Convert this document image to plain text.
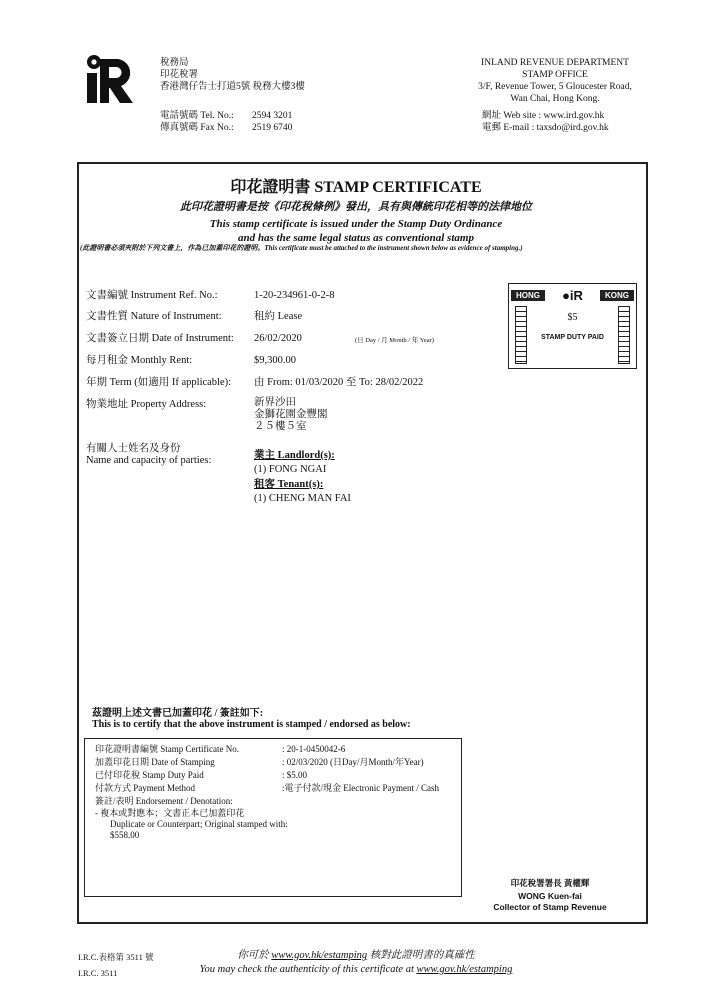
稅務局
印花稅署
香港灣仔告士打道5號 稅務大樓3樓
電話號碼 Tel. No.: 2594 3201
傳真號碼 Fax No.: 2519 6740
INLAND REVENUE DEPARTMENT
STAMP OFFICE
3/F, Revenue Tower, 5 Gloucester Road,
Wan Chai, Hong Kong.
網址 Web site : www.ird.gov.hk
電郵 E-mail : taxsdo@ird.gov.hk
印花證明書 STAMP CERTIFICATE
此印花證明書是按《印花稅條例》發出，具有與傳統印花相等的法律地位
This stamp certificate is issued under the Stamp Duty Ordinance
and has the same legal status as conventional stamp
(此證明書必須夾附於下列文書上，作為已加蓋印花的證明。This certificate must be attached to the instrument shown below as evidence of stamping.)
文書編號 Instrument Ref. No.:	1-20-234961-0-2-8
文書性質 Nature of Instrument:	租約 Lease
文書簽立日期 Date of Instrument: 26/02/2020	(日 Day / 月 Month / 年 Year)
每月租金 Monthly Rent:	$9,300.00
年期 Term (如適用 If applicable): 由 From: 01/03/2020 至 To: 28/02/2022
物業地址 Property Address:	新界沙田
金獅花園金豐閣
２５樓５室
有關人士姓名及身份
Name and capacity of parties:	業主 Landlord(s):
(1) FONG NGAI
租客 Tenant(s):
(1) CHENG MAN FAI
HONG	●iR	KONG
$5
STAMP DUTY PAID
茲證明上述文書已加蓋印花 / 簽註如下:
This is to certify that the above instrument is stamped / endorsed as below:
印花證明書編號 Stamp Certificate No.	: 20-1-0450042-6
加蓋印花日期 Date of Stamping	: 02/03/2020 (日Day/月Month/年Year)
已付印花稅 Stamp Duty Paid	: $5.00
付款方式 Payment Method	:電子付款/現金 Electronic Payment / Cash
簽註/表明 Endorsement / Denotation:
- 複本或對應本；文書正本已加蓋印花
Duplicate or Counterpart; Original stamped with:
$558.00
印花稅署署長 黃權輝
WONG Kuen-fai
Collector of Stamp Revenue
I.R.C.表格第 3511 號
I.R.C. 3511
你可於 www.gov.hk/estamping 核對此證明書的真確性
You may check the authenticity of this certificate at www.gov.hk/estamping
